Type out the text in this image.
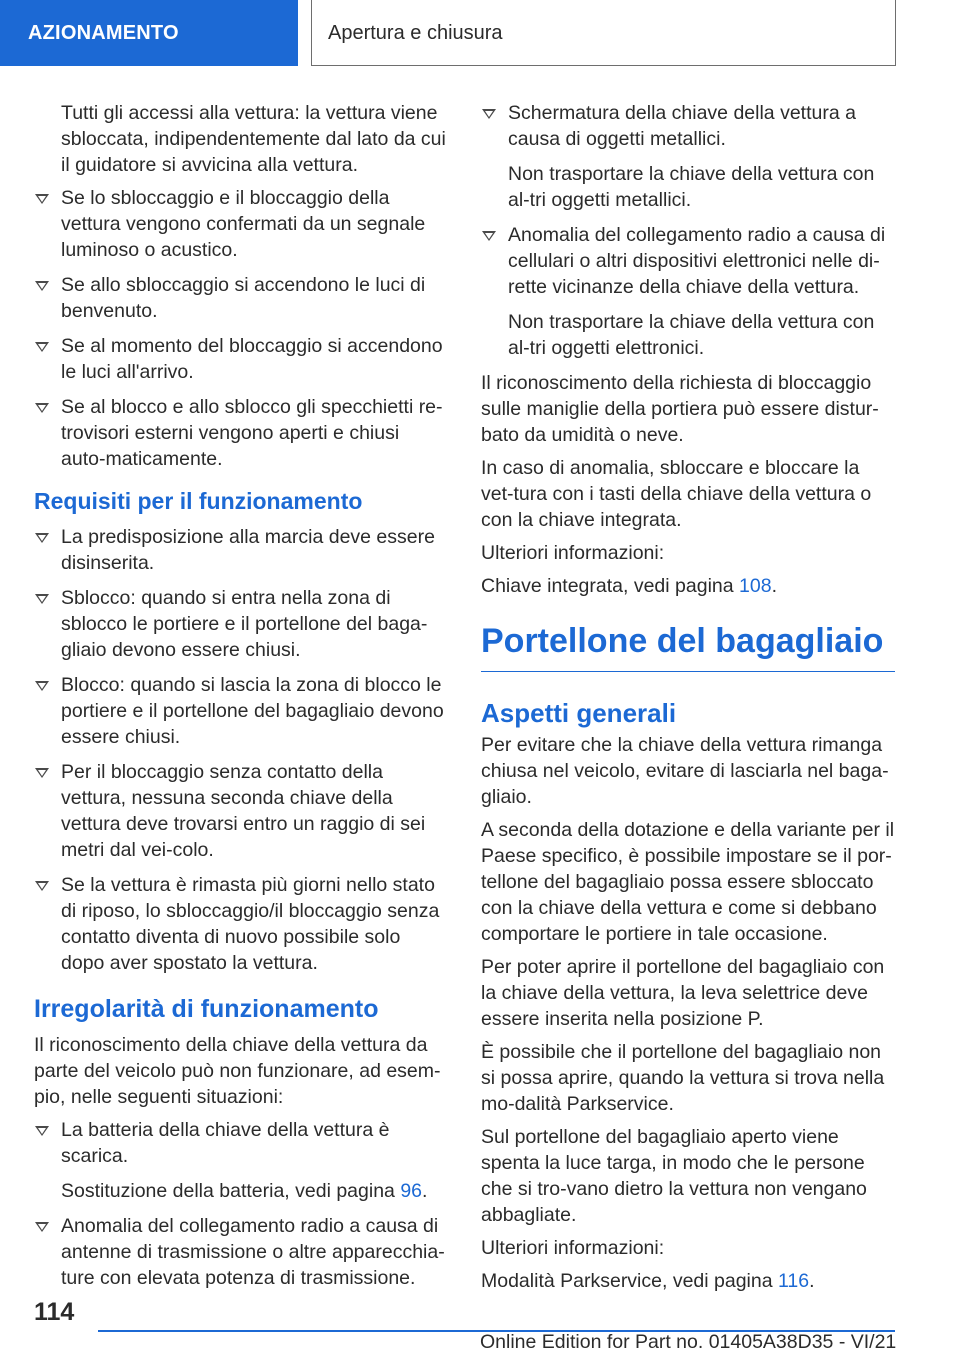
AZIONAMENTO	Apertura e chiusura

Tutti gli accessi alla vettura: la vettura viene sbloccata, indipendentemente dal lato da cui il guidatore si avvicina alla vettura.

Se lo sbloccaggio e il bloccaggio della vettura vengono confermati da un segnale luminoso o acustico.
Se allo sbloccaggio si accendono le luci di benvenuto.
Se al momento del bloccaggio si accendono le luci all'arrivo.
Se al blocco e allo sblocco gli specchietti re-trovisori esterni vengono aperti e chiusi auto-maticamente.
Requisiti per il funzionamento
La predisposizione alla marcia deve essere disinserita.
Sblocco: quando si entra nella zona di sblocco le portiere e il portellone del baga-gliaio devono essere chiusi.
Blocco: quando si lascia la zona di blocco le portiere e il portellone del bagagliaio devono essere chiusi.
Per il bloccaggio senza contatto della vettura, nessuna seconda chiave della vettura deve trovarsi entro un raggio di sei metri dal vei-colo.
Se la vettura è rimasta più giorni nello stato di riposo, lo sbloccaggio/il bloccaggio senza contatto diventa di nuovo possibile solo dopo aver spostato la vettura.
Irregolarità di funzionamento

Il riconoscimento della chiave della vettura da parte del veicolo può non funzionare, ad esem-pio, nelle seguenti situazioni:

La batteria della chiave della vettura è scarica.

Sostituzione della batteria, vedi pagina 96.

Anomalia del collegamento radio a causa di antenne di trasmissione o altre apparecchia-ture con elevata potenza di trasmissione.
Schermatura della chiave della vettura a causa di oggetti metallici.

Non trasportare la chiave della vettura con al-tri oggetti metallici.

Anomalia del collegamento radio a causa di cellulari o altri dispositivi elettronici nelle di-rette vicinanze della chiave della vettura.

Non trasportare la chiave della vettura con al-tri oggetti elettronici.

Il riconoscimento della richiesta di bloccaggio sulle maniglie della portiera può essere distur-bato da umidità o neve.

In caso di anomalia, sbloccare e bloccare la vet-tura con i tasti della chiave della vettura o con la chiave integrata.

Ulteriori informazioni:

Chiave integrata, vedi pagina 108.

Portellone del bagagliaio
Aspetti generali

Per evitare che la chiave della vettura rimanga chiusa nel veicolo, evitare di lasciarla nel baga-gliaio.

A seconda della dotazione e della variante per il Paese specifico, è possibile impostare se il por-tellone del bagagliaio possa essere sbloccato con la chiave della vettura e come si debbano comportare le portiere in tale occasione.

Per poter aprire il portellone del bagagliaio con la chiave della vettura, la leva selettrice deve essere inserita nella posizione P.

È possibile che il portellone del bagagliaio non si possa aprire, quando la vettura si trova nella mo-dalità Parkservice.

Sul portellone del bagagliaio aperto viene spenta la luce targa, in modo che le persone che si tro-vano dietro la vettura non vengano abbagliate.

Ulteriori informazioni:

Modalità Parkservice, vedi pagina 116.

114
Online Edition for Part no. 01405A38D35 - VI/21
